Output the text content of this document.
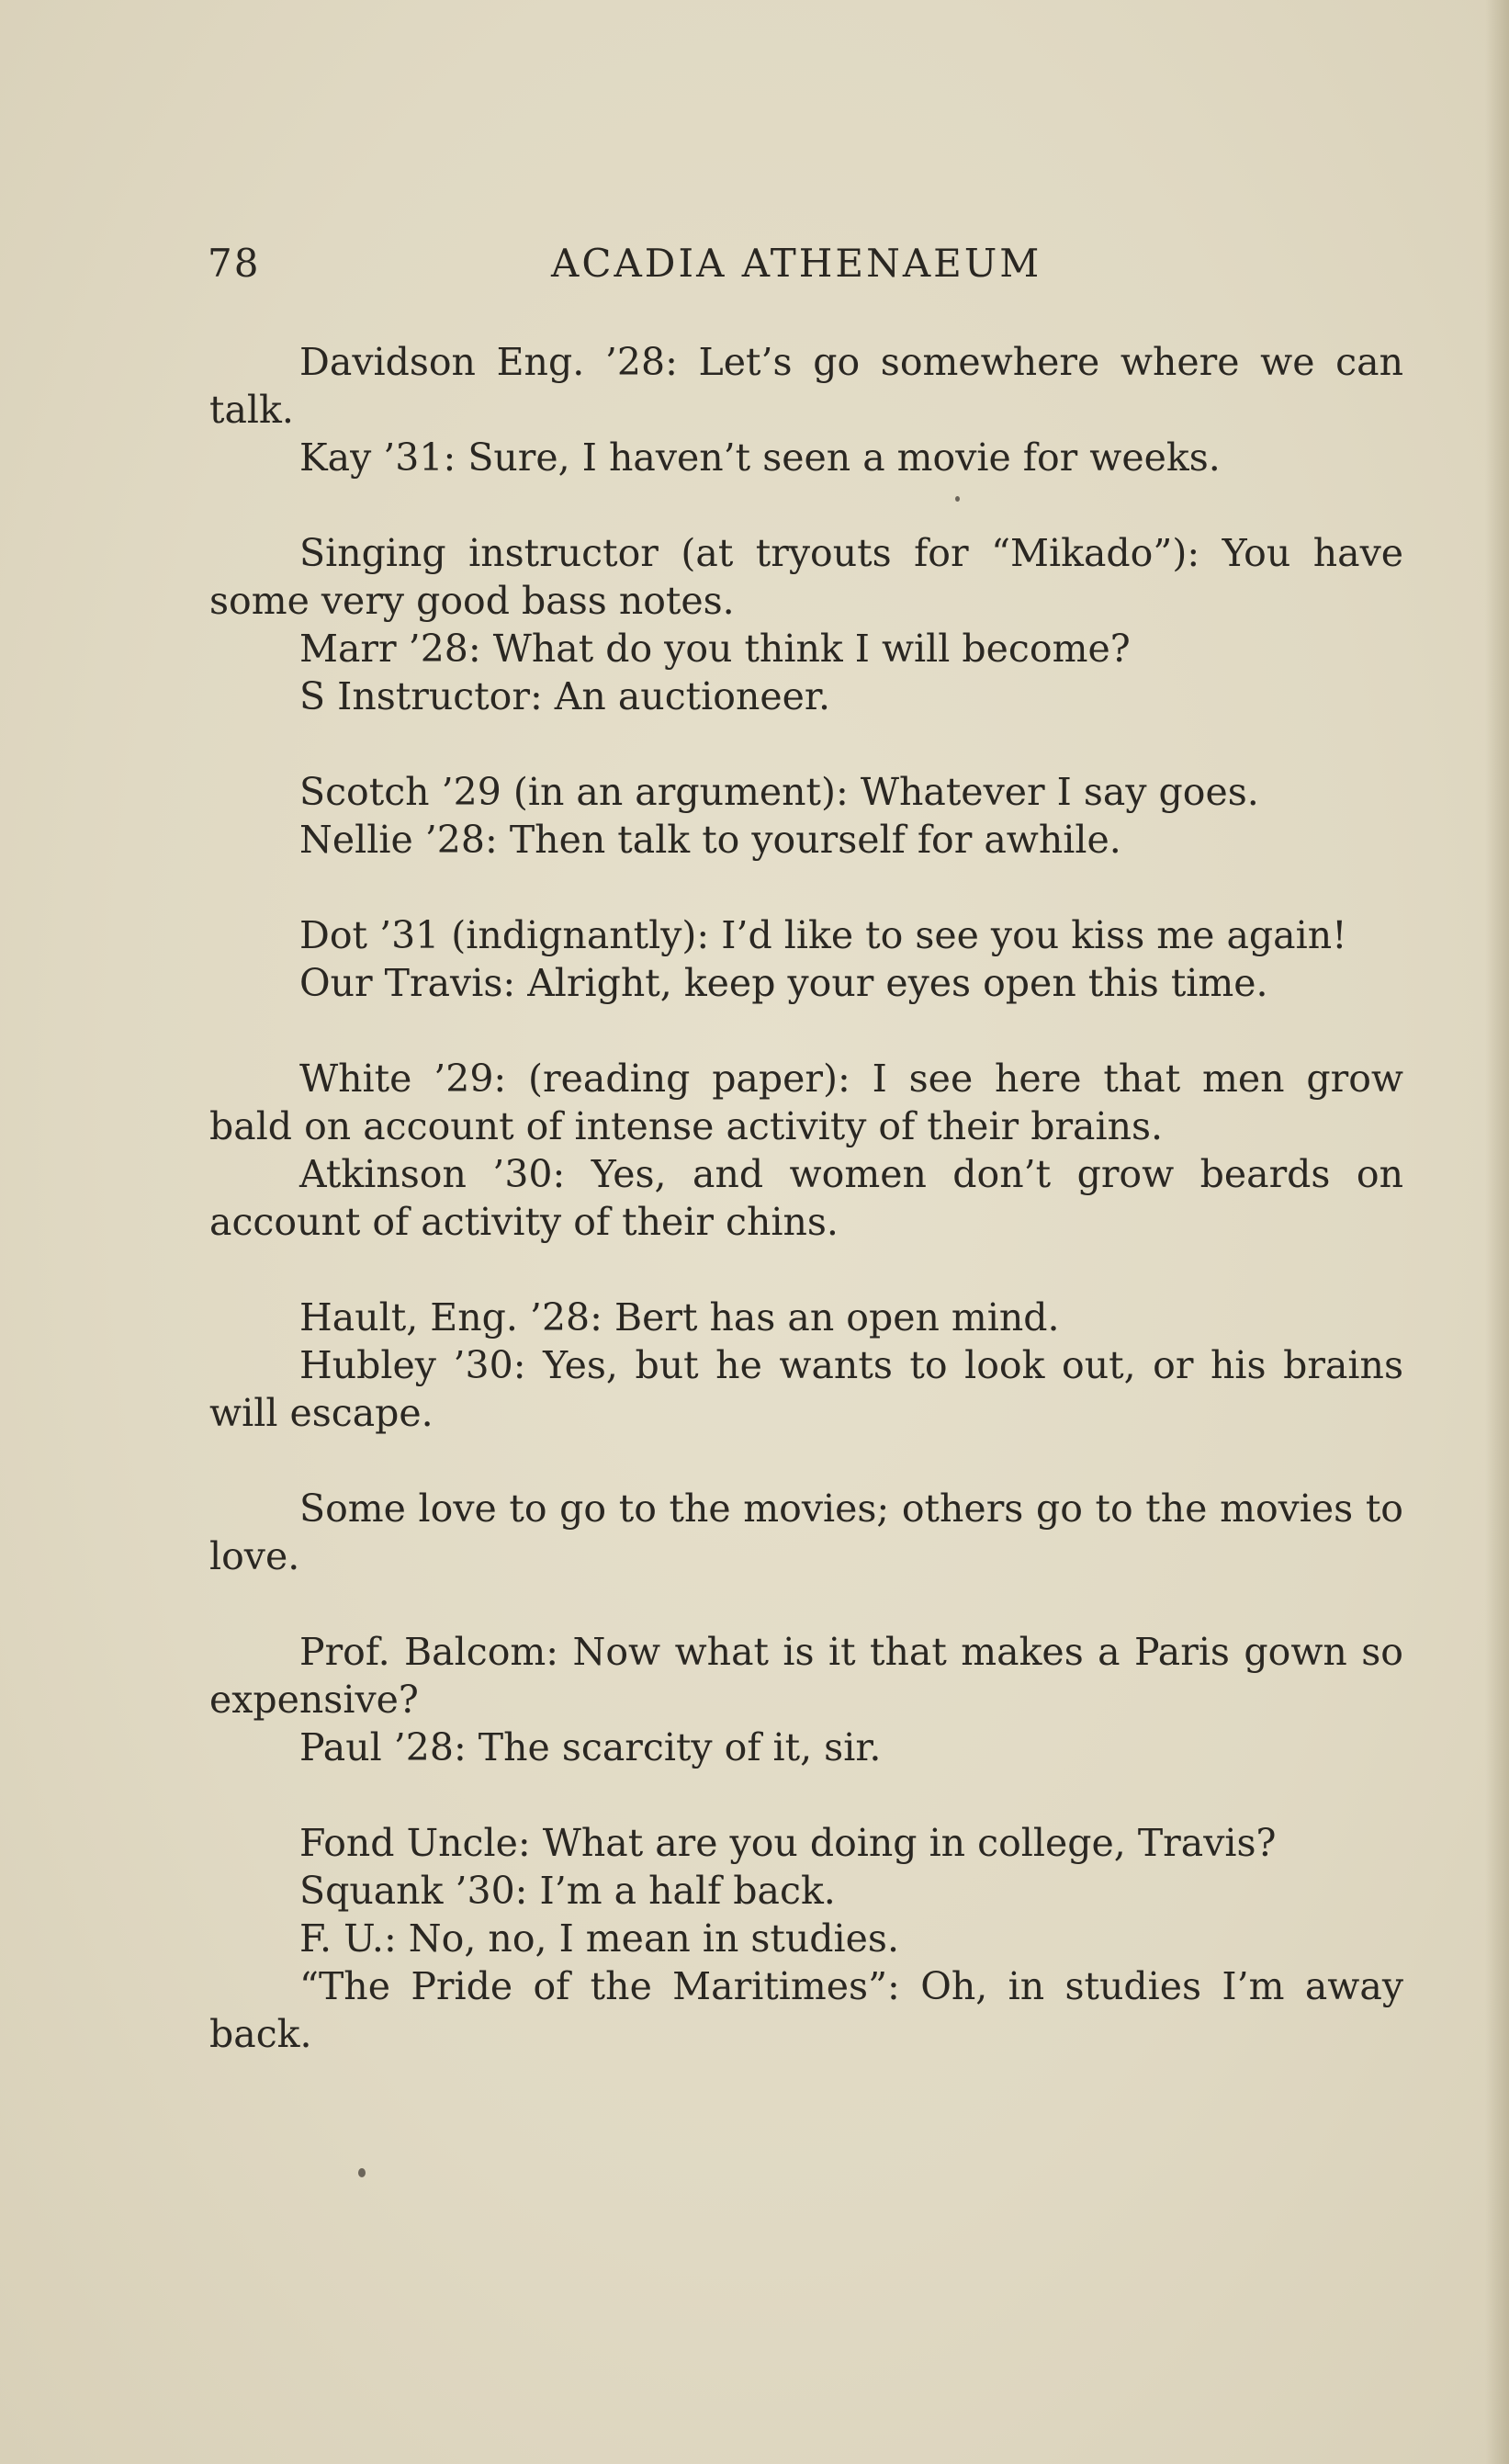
78	ACADIA ATHENAEUM

Davidson Eng. ’28: Let’s go somewhere where we can talk.

Kay ’31: Sure, I haven’t seen a movie for weeks.

Singing instructor (at tryouts for “Mikado”): You have some very good bass notes.

Marr ’28: What do you think I will become?

S Instructor: An auctioneer.

Scotch ’29 (in an argument): Whatever I say goes.

Nellie ’28: Then talk to yourself for awhile.

Dot ’31 (indignantly): I’d like to see you kiss me again!

Our Travis: Alright, keep your eyes open this time.

White ’29: (reading paper): I see here that men grow bald on account of intense activity of their brains.

Atkinson ’30: Yes, and women don’t grow beards on account of activity of their chins.

Hault, Eng. ’28: Bert has an open mind.

Hubley ’30: Yes, but he wants to look out, or his brains will escape.

Some love to go to the movies; others go to the movies to love.

Prof. Balcom: Now what is it that makes a Paris gown so expensive?

Paul ’28: The scarcity of it, sir.

Fond Uncle: What are you doing in college, Travis?

Squank ’30: I’m a half back.

F. U.: No, no, I mean in studies.

“The Pride of the Maritimes”: Oh, in studies I’m away back.
